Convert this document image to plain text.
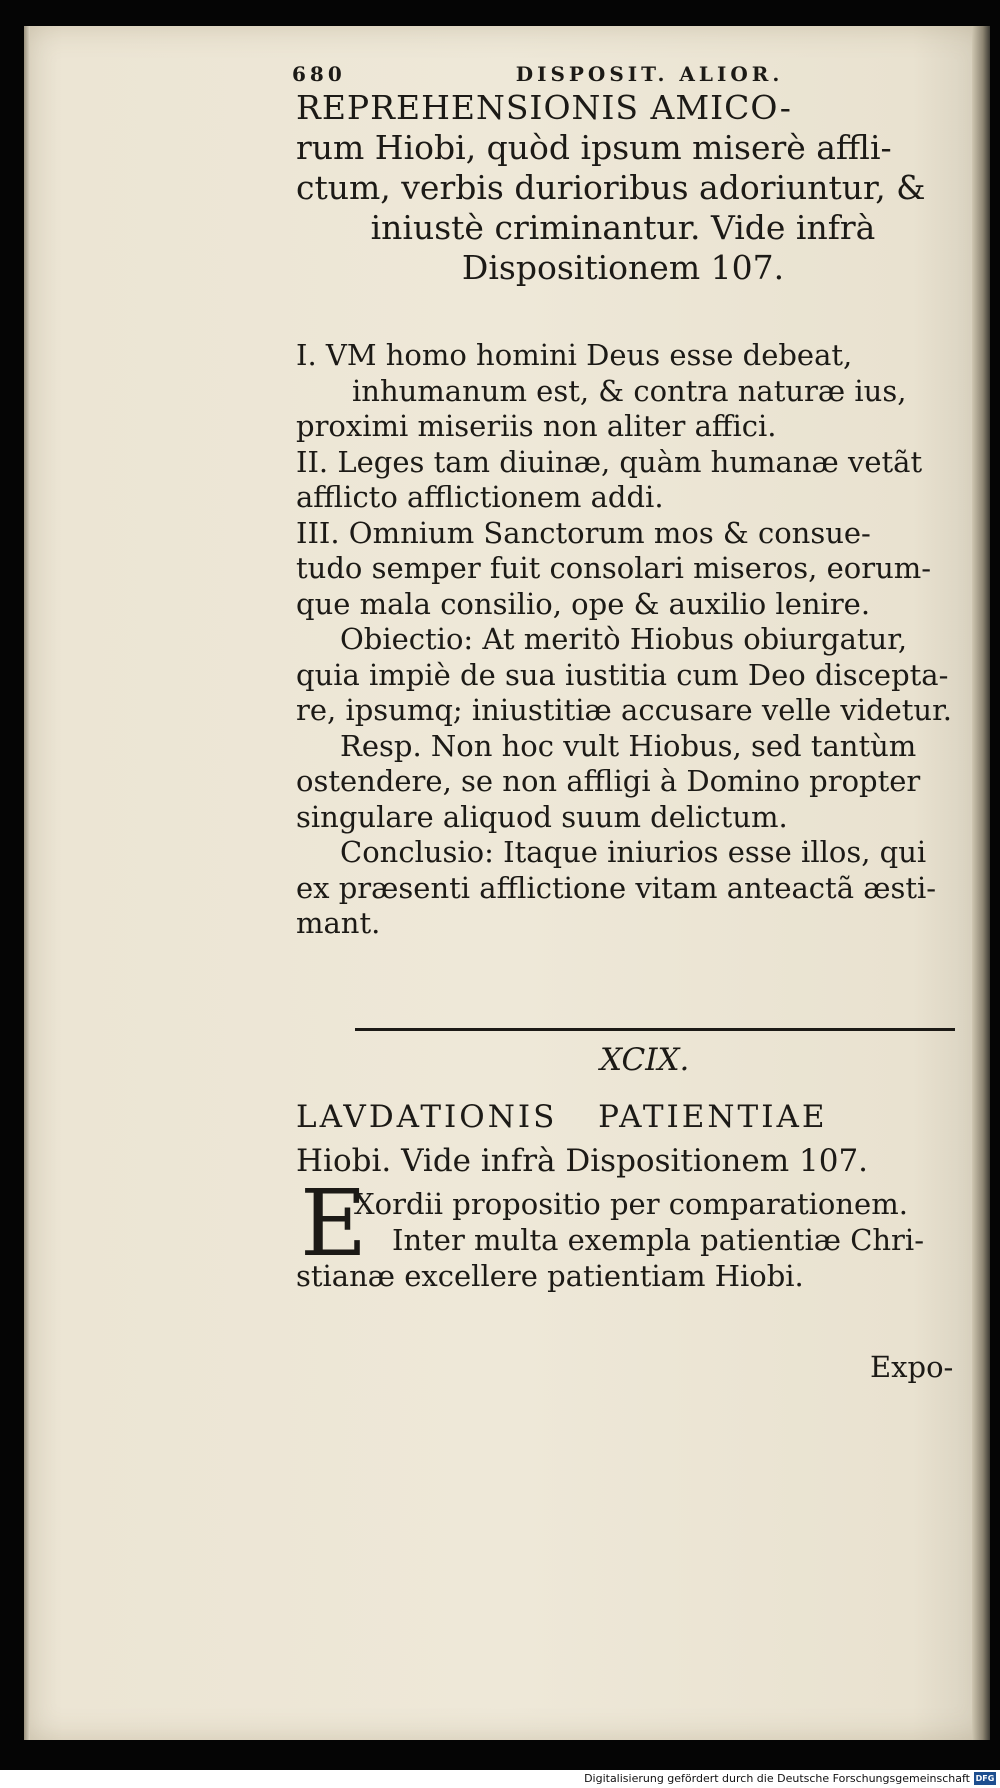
680	DISPOSIT. ALIOR.
REPREHENSIONIS AMICO-
rum Hiobi, quòd ipsum miserè affli-
ctum, verbis durioribus adoriuntur, &
iniustè criminantur. Vide infrà
Dispositionem 107.
I. VM homo homini Deus esse debeat,
inhumanum est, & contra naturæ ius,
proximi miseriis non aliter affici.
II. Leges tam diuinæ, quàm humanæ vetãt
afflicto afflictionem addi.
III. Omnium Sanctorum mos & consue-
tudo semper fuit consolari miseros, eorum-
que mala consilio, ope & auxilio lenire.
Obiectio: At meritò Hiobus obiurgatur,
quia impiè de sua iustitia cum Deo discepta-
re, ipsumq; iniustitiæ accusare velle videtur.
Resp. Non hoc vult Hiobus, sed tantùm
ostendere, se non affligi à Domino propter
singulare aliquod suum delictum.
Conclusio: Itaque iniurios esse illos, qui
ex præsenti afflictione vitam anteactã æsti-
mant.
XCIX.
LAVDATIONIS PATIENTIAE
Hiobi. Vide infrà Dispositionem 107.
E
Xordii propositio per comparationem.
Inter multa exempla patientiæ Chri-
stianæ excellere patientiam Hiobi.
Expo-
Digitalisierung gefördert durch die Deutsche Forschungsgemeinschaft DFG
